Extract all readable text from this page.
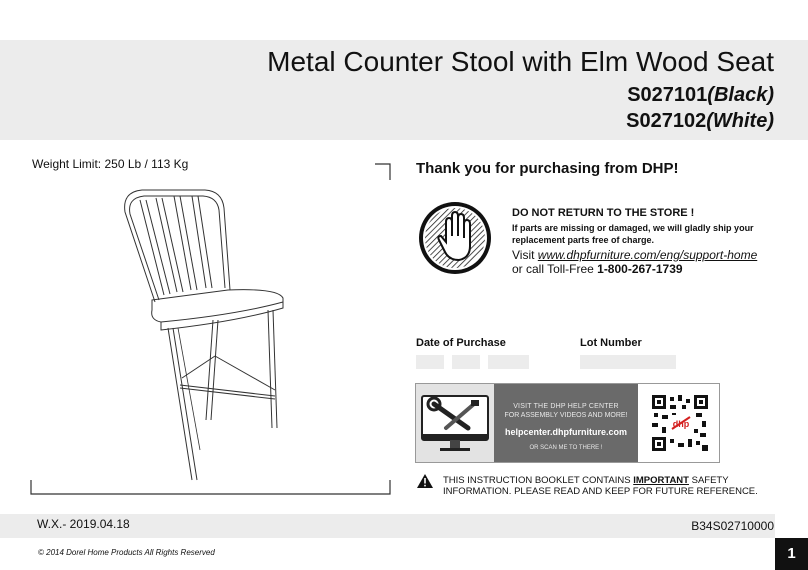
Metal Counter Stool with Elm Wood Seat
S027101(Black)
S027102(White)
Weight Limit: 250 Lb / 113 Kg	Thank you for purchasing from DHP!
DO NOT RETURN TO THE STORE !
If parts are missing or damaged, we will gladly ship your replacement parts free of charge.
Visit www.dhpfurniture.com/eng/support-home
or call Toll-Free 1-800-267-1739
Date of Purchase	Lot Number
VISIT THE DHP HELP CENTER
FOR ASSEMBLY VIDEOS AND MORE!
helpcenter.dhpfurniture.com
OR SCAN ME TO THERE !
dhp
THIS INSTRUCTION BOOKLET CONTAINS IMPORTANT SAFETY
INFORMATION. PLEASE READ AND KEEP FOR FUTURE REFERENCE.
W.X.- 2019.04.18	B34S02710000
© 2014 Dorel Home Products All Rights Reserved	1
